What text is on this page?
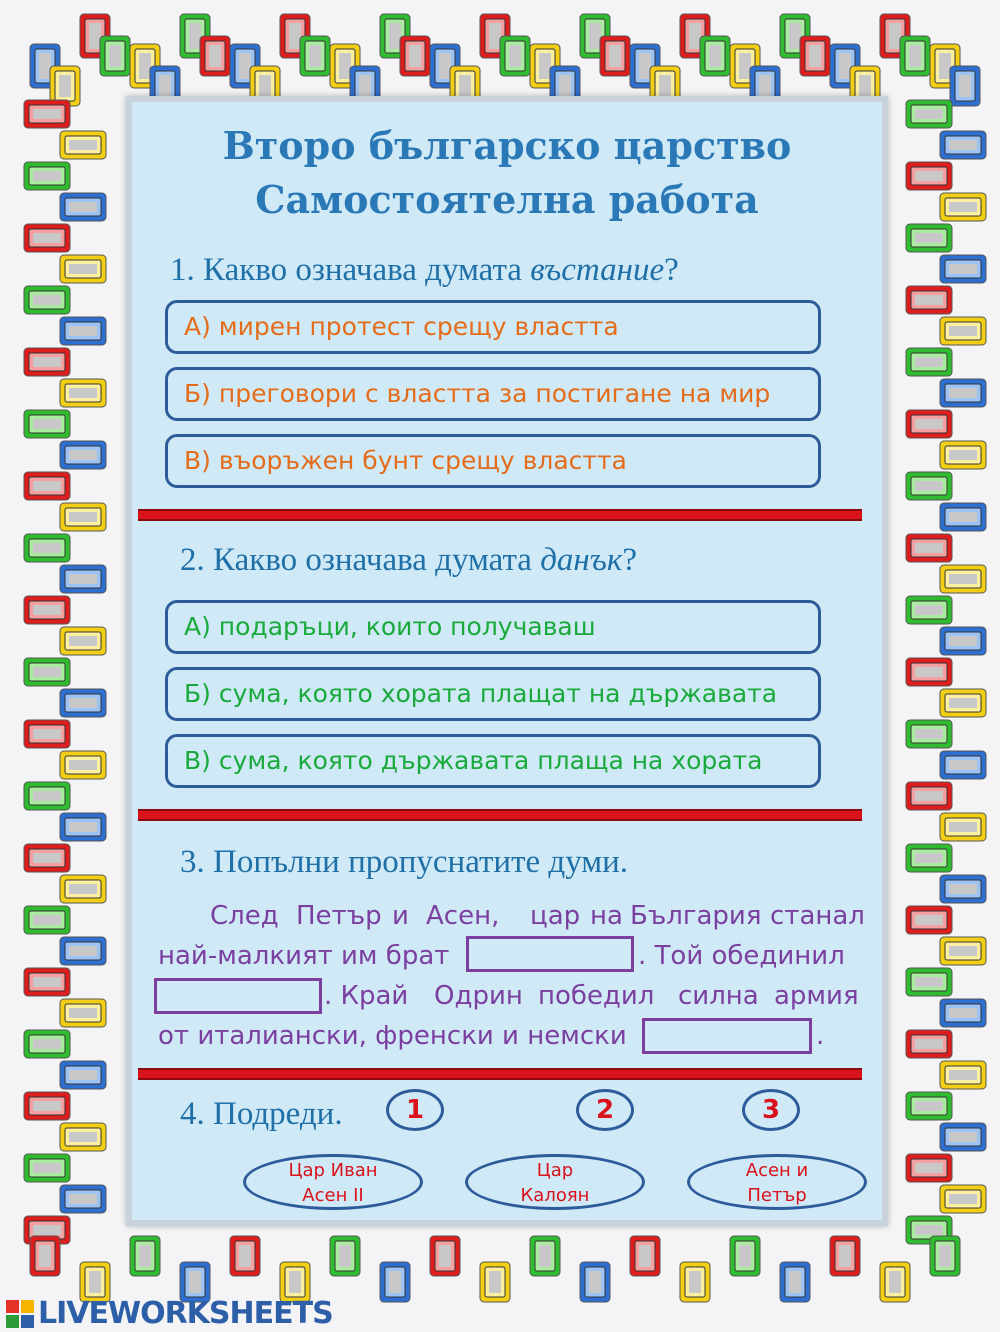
Второ българско царство
Самостоятелна работа
1. Какво означава думата въстание?
А) мирен протест срещу властта
Б) преговори с властта за постигане на мир
В) въоръжен бунт срещу властта
2. Какво означава думата данък?
А) подаръци, които получаваш
Б) сума, която хората плащат на държавата
В) сума, която държавата плаща на хората
3. Попълни пропуснатите думи.
След Петър и Асен, цар на България станал
най-малкият им брат	. Той обединил
. Край Одрин победил силна армия
от италиански, френски и немски	.
4. Подреди.	1	2	3
Цар Иван
Асен II
Цар
Калоян
Асен и
Петър
LIVEWORKSHEETS
